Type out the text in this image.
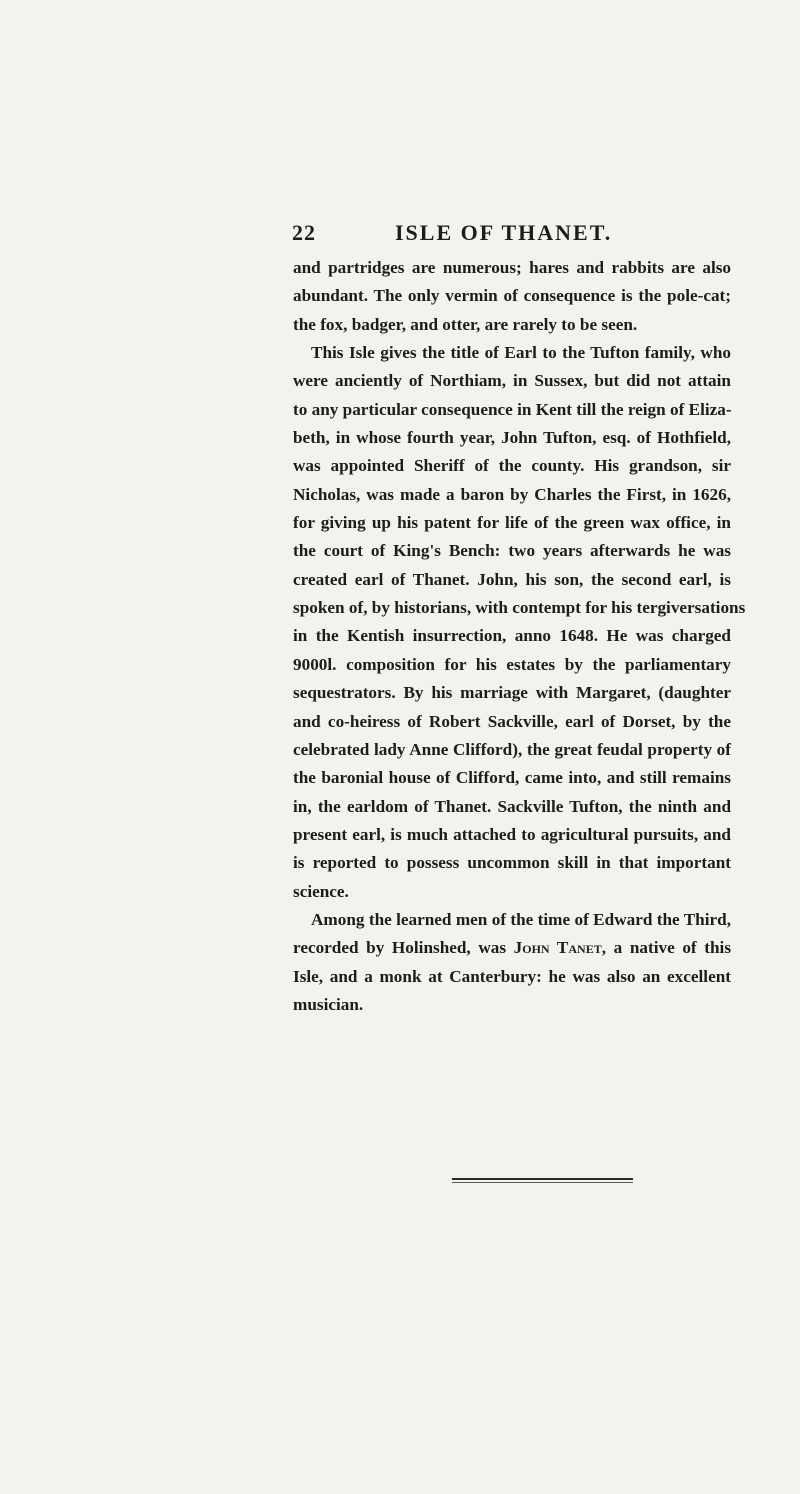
22	ISLE OF THANET.
and partridges are numerous; hares and rabbits are also
abundant. The only vermin of consequence is the pole-cat;
the fox, badger, and otter, are rarely to be seen.
This Isle gives the title of Earl to the Tufton family, who
were anciently of Northiam, in Sussex, but did not attain
to any particular consequence in Kent till the reign of Eliza-
beth, in whose fourth year, John Tufton, esq. of Hothfield,
was appointed Sheriff of the county. His grandson, sir
Nicholas, was made a baron by Charles the First, in 1626,
for giving up his patent for life of the green wax office, in
the court of King's Bench: two years afterwards he was
created earl of Thanet. John, his son, the second earl, is
spoken of, by historians, with contempt for his tergiversations
in the Kentish insurrection, anno 1648. He was charged
9000l. composition for his estates by the parliamentary
sequestrators. By his marriage with Margaret, (daughter
and co-heiress of Robert Sackville, earl of Dorset, by the
celebrated lady Anne Clifford), the great feudal property of
the baronial house of Clifford, came into, and still remains
in, the earldom of Thanet. Sackville Tufton, the ninth and
present earl, is much attached to agricultural pursuits, and
is reported to possess uncommon skill in that important
science.
Among the learned men of the time of Edward the Third,
recorded by Holinshed, was John Tanet, a native of this
Isle, and a monk at Canterbury: he was also an excellent
musician.
